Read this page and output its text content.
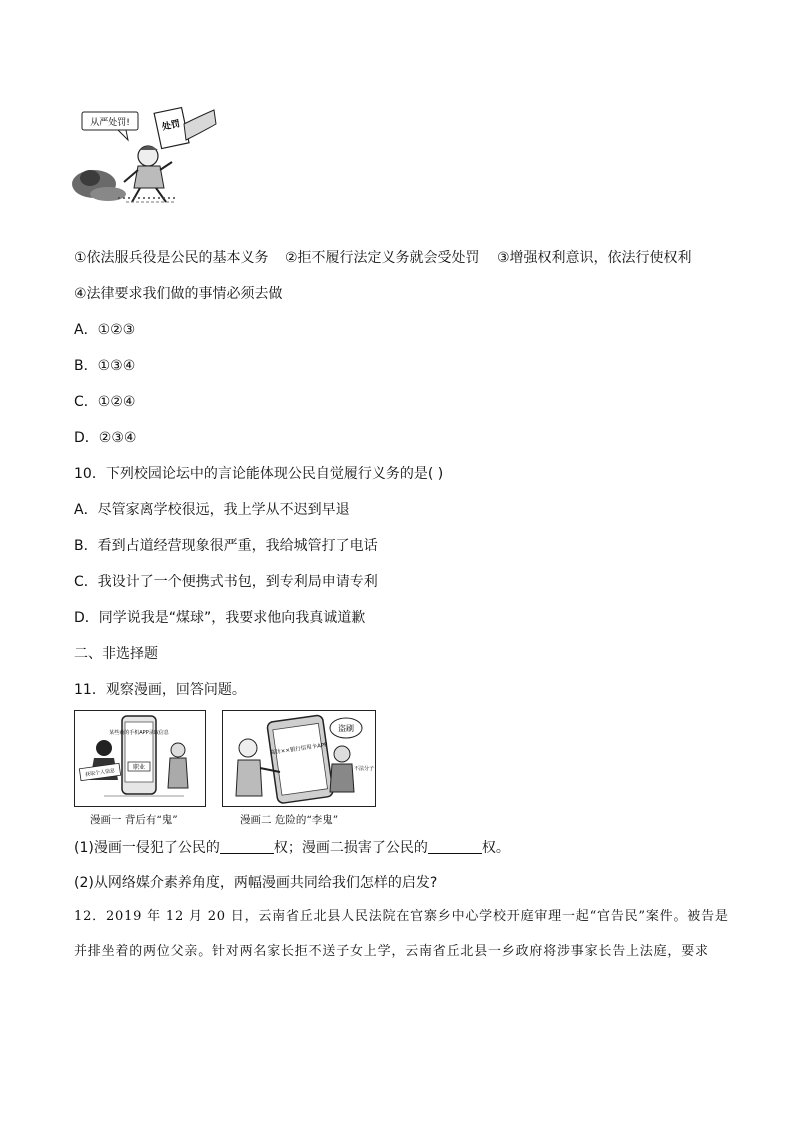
从严处罚!	处罚
①依法服兵役是公民的基本义务 ②拒不履行法定义务就会受处罚 ③增强权利意识，依法行使权利
④法律要求我们做的事情必须去做
A．①②③
B．①③④
C．①②④
D．②③④
10．下列校园论坛中的言论能体现公民自觉履行义务的是( )
A．尽管家离学校很远，我上学从不迟到早退
B．看到占道经营现象很严重，我给城管打了电话
C．我设计了一个便携式书包，到专利局申请专利
D．同学说我是“煤球”，我要求他向我真诚道歉
二、非选择题
11．观察漫画，回答问题。
某些商的手机APP录取信息
职业
获取个人信息
漫画一 背后有“鬼”
高仿××银行信用卡APP
盗刷
不法分子
漫画二 危险的“李鬼”
(1)漫画一侵犯了公民的	权；漫画二损害了公民的	权。
(2)从网络媒介素养角度，两幅漫画共同给我们怎样的启发?
12．2019 年 12 月 20 日，云南省丘北县人民法院在官寨乡中心学校开庭审理一起“官告民”案件。被告是
并排坐着的两位父亲。针对两名家长拒不送子女上学，云南省丘北县一乡政府将涉事家长告上法庭，要求
